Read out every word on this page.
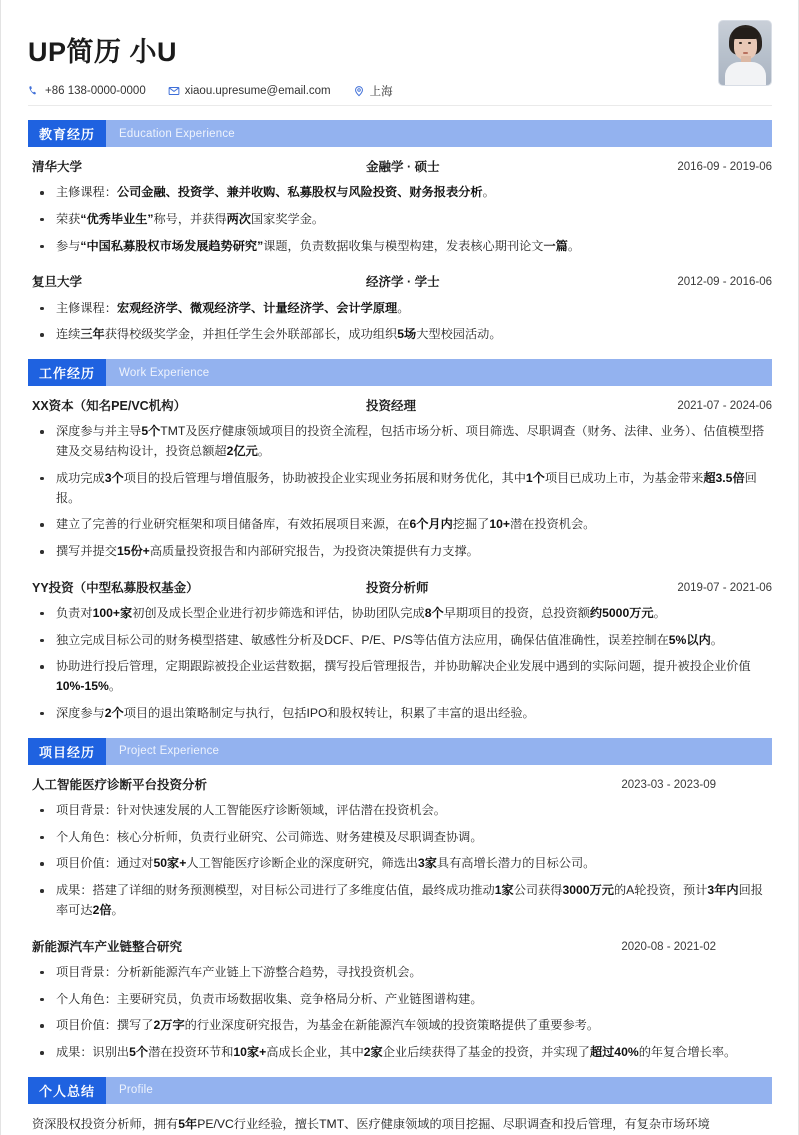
UP简历 小U
+86 138-0000-0000	xiaou.upresume@email.com	上海
教育经历	Education Experience
清华大学	金融学 · 硕士	2016-09 - 2019-06
主修课程：公司金融、投资学、兼并收购、私募股权与风险投资、财务报表分析。
荣获“优秀毕业生”称号，并获得两次国家奖学金。
参与“中国私募股权市场发展趋势研究”课题，负责数据收集与模型构建，发表核心期刊论文一篇。
复旦大学	经济学 · 学士	2012-09 - 2016-06
主修课程：宏观经济学、微观经济学、计量经济学、会计学原理。
连续三年获得校级奖学金，并担任学生会外联部部长，成功组织5场大型校园活动。
工作经历	Work Experience
XX资本（知名PE/VC机构）	投资经理	2021-07 - 2024-06
深度参与并主导5个TMT及医疗健康领域项目的投资全流程，包括市场分析、项目筛选、尽职调查（财务、法律、业务）、估值模型搭建及交易结构设计，投资总额超2亿元。
成功完成3个项目的投后管理与增值服务，协助被投企业实现业务拓展和财务优化，其中1个项目已成功上市，为基金带来超3.5倍回报。
建立了完善的行业研究框架和项目储备库，有效拓展项目来源，在6个月内挖掘了10+潜在投资机会。
撰写并提交15份+高质量投资报告和内部研究报告，为投资决策提供有力支撑。
YY投资（中型私募股权基金）	投资分析师	2019-07 - 2021-06
负责对100+家初创及成长型企业进行初步筛选和评估，协助团队完成8个早期项目的投资，总投资额约5000万元。
独立完成目标公司的财务模型搭建、敏感性分析及DCF、P/E、P/S等估值方法应用，确保估值准确性，误差控制在5%以内。
协助进行投后管理，定期跟踪被投企业运营数据，撰写投后管理报告，并协助解决企业发展中遇到的实际问题，提升被投企业价值10%-15%。
深度参与2个项目的退出策略制定与执行，包括IPO和股权转让，积累了丰富的退出经验。
项目经历	Project Experience
人工智能医疗诊断平台投资分析	2023-03 - 2023-09
项目背景：针对快速发展的人工智能医疗诊断领域，评估潜在投资机会。
个人角色：核心分析师，负责行业研究、公司筛选、财务建模及尽职调查协调。
项目价值：通过对50家+人工智能医疗诊断企业的深度研究，筛选出3家具有高增长潜力的目标公司。
成果：搭建了详细的财务预测模型，对目标公司进行了多维度估值，最终成功推动1家公司获得3000万元的A轮投资，预计3年内回报率可达2倍。
新能源汽车产业链整合研究	2020-08 - 2021-02
项目背景：分析新能源汽车产业链上下游整合趋势，寻找投资机会。
个人角色：主要研究员，负责市场数据收集、竞争格局分析、产业链图谱构建。
项目价值：撰写了2万字的行业深度研究报告，为基金在新能源汽车领域的投资策略提供了重要参考。
成果：识别出5个潜在投资环节和10家+高成长企业，其中2家企业后续获得了基金的投资，并实现了超过40%的年复合增长率。
个人总结	Profile
资深股权投资分析师，拥有5年PE/VC行业经验，擅长TMT、医疗健康领域的项目挖掘、尽职调查和投后管理，有复杂市场环境
